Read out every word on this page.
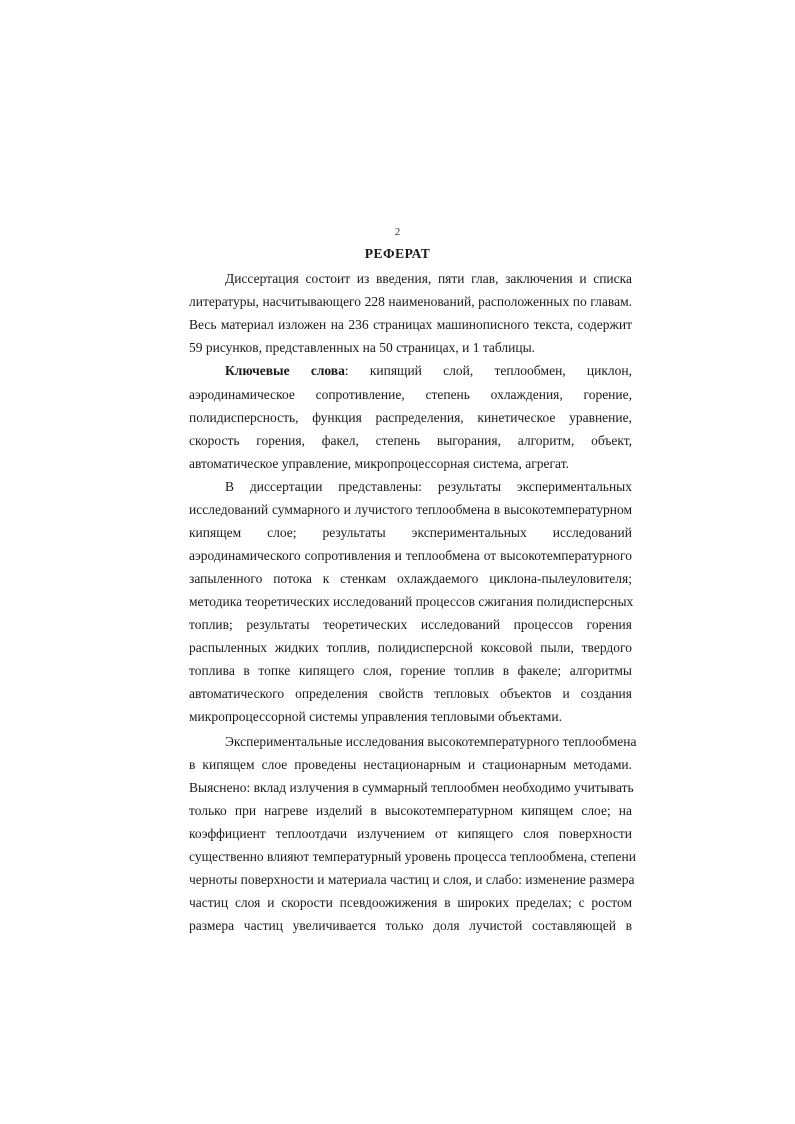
2
РЕФЕРАТ
Диссертация состоит из введения, пяти глав, заключения и списка
литературы, насчитывающего 228 наименований, расположенных по главам.
Весь материал изложен на 236 страницах машинописного текста, содержит
59 рисунков, представленных на 50 страницах, и 1 таблицы.
Ключевые слова: кипящий слой, теплообмен, циклон,
аэродинамическое сопротивление, степень охлаждения, горение,
полидисперсность, функция распределения, кинетическое уравнение,
скорость горения, факел, степень выгорания, алгоритм, объект,
автоматическое управление, микропроцессорная система, агрегат.
В диссертации представлены: результаты экспериментальных
исследований суммарного и лучистого теплообмена в высокотемпературном
кипящем слое; результаты экспериментальных исследований
аэродинамического сопротивления и теплообмена от высокотемпературного
запыленного потока к стенкам охлаждаемого циклона-пылеуловителя;
методика теоретических исследований процессов сжигания полидисперсных
топлив; результаты теоретических исследований процессов горения
распыленных жидких топлив, полидисперсной коксовой пыли, твердого
топлива в топке кипящего слоя, горение топлив в факеле; алгоритмы
автоматического определения свойств тепловых объектов и создания
микропроцессорной системы управления тепловыми объектами.
Экспериментальные исследования высокотемпературного теплообмена
в кипящем слое проведены нестационарным и стационарным методами.
Выяснено: вклад излучения в суммарный теплообмен необходимо учитывать
только при нагреве изделий в высокотемпературном кипящем слое; на
коэффициент теплоотдачи излучением от кипящего слоя поверхности
существенно влияют температурный уровень процесса теплообмена, степени
черноты поверхности и материала частиц и слоя, и слабо: изменение размера
частиц слоя и скорости псевдоожижения в широких пределах; с ростом
размера частиц увеличивается только доля лучистой составляющей в
